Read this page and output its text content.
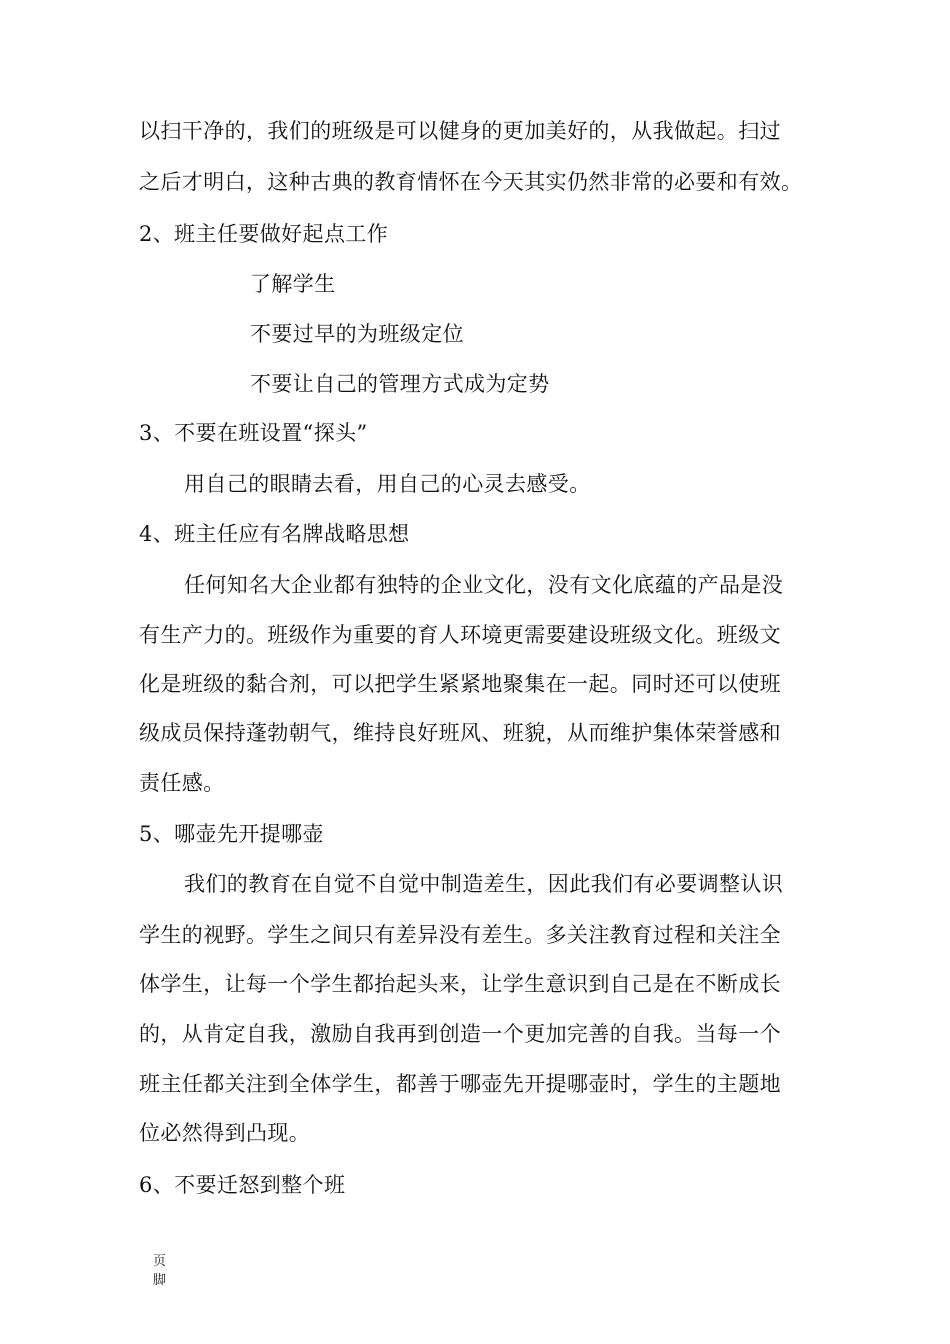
以扫干净的，我们的班级是可以健身的更加美好的，从我做起。扫过
之后才明白，这种古典的教育情怀在今天其实仍然非常的必要和有效。
2、班主任要做好起点工作
了解学生
不要过早的为班级定位
不要让自己的管理方式成为定势
3、不要在班设置“探头”
用自己的眼睛去看，用自己的心灵去感受。
4、班主任应有名牌战略思想
任何知名大企业都有独特的企业文化，没有文化底蕴的产品是没
有生产力的。班级作为重要的育人环境更需要建设班级文化。班级文
化是班级的黏合剂，可以把学生紧紧地聚集在一起。同时还可以使班
级成员保持蓬勃朝气，维持良好班风、班貌，从而维护集体荣誉感和
责任感。
5、哪壶先开提哪壶
我们的教育在自觉不自觉中制造差生，因此我们有必要调整认识
学生的视野。学生之间只有差异没有差生。多关注教育过程和关注全
体学生，让每一个学生都抬起头来，让学生意识到自己是在不断成长
的，从肯定自我，激励自我再到创造一个更加完善的自我。当每一个
班主任都关注到全体学生，都善于哪壶先开提哪壶时，学生的主题地
位必然得到凸现。
6、不要迁怒到整个班
页脚
